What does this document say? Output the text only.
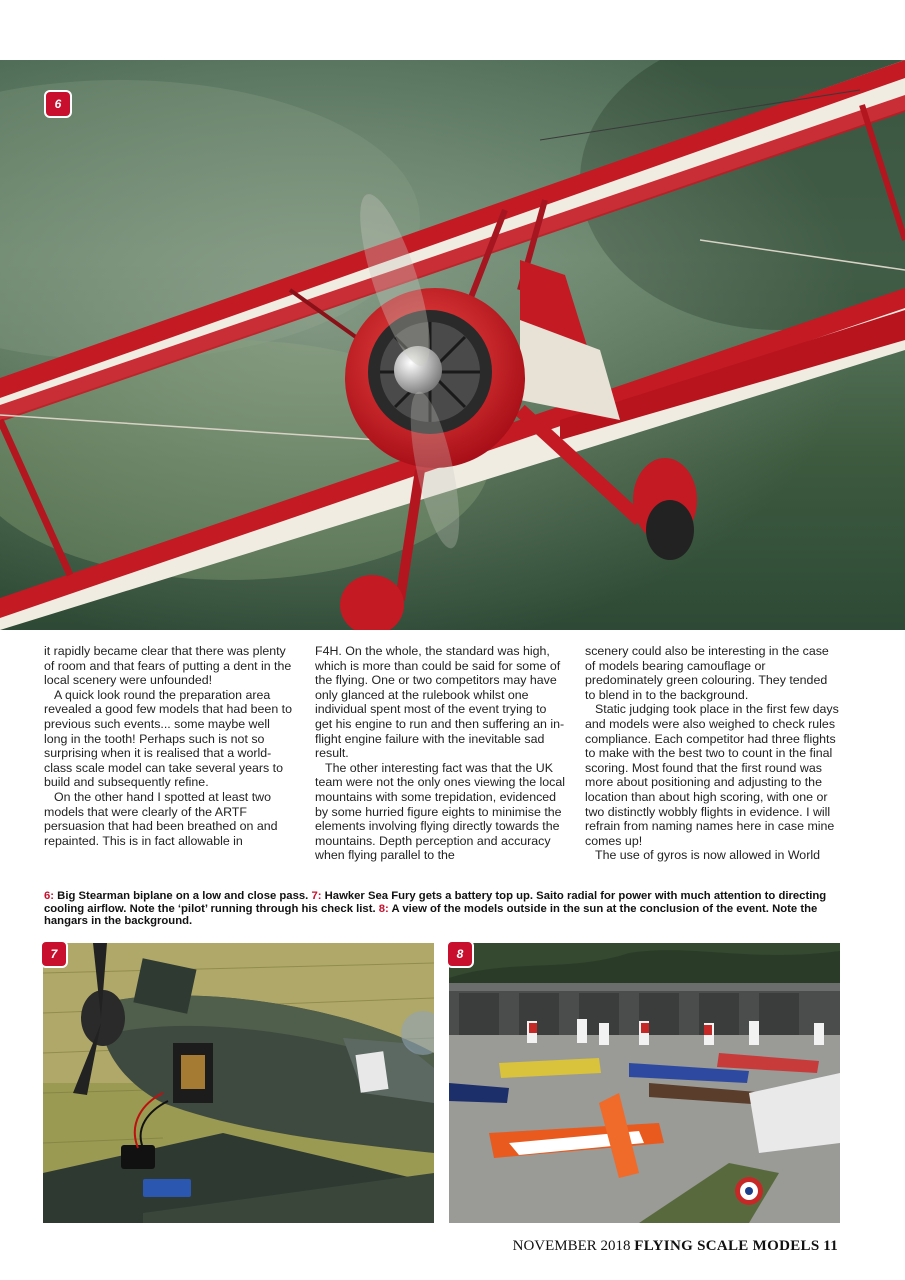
6

it rapidly became clear that there was plenty of room and that fears of putting a dent in the local scenery were unfounded!

A quick look round the preparation area revealed a good few models that had been to previous such events... some maybe well long in the tooth! Perhaps such is not so surprising when it is realised that a world-class scale model can take several years to build and subsequently refine.

On the other hand I spotted at least two models that were clearly of the ARTF persuasion that had been breathed on and repainted. This is in fact allowable in

F4H. On the whole, the standard was high, which is more than could be said for some of the flying. One or two competitors may have only glanced at the rulebook whilst one individual spent most of the event trying to get his engine to run and then suffering an in-flight engine failure with the inevitable sad result.

The other interesting fact was that the UK team were not the only ones viewing the local mountains with some trepidation, evidenced by some hurried figure eights to minimise the elements involving flying directly towards the mountains. Depth perception and accuracy when flying parallel to the

scenery could also be interesting in the case of models bearing camouflage or predominately green colouring. They tended to blend in to the background.

Static judging took place in the first few days and models were also weighed to check rules compliance. Each competitor had three flights to make with the best two to count in the final scoring. Most found that the first round was more about positioning and adjusting to the location than about high scoring, with one or two distinctly wobbly flights in evidence. I will refrain from naming names here in case mine comes up!

The use of gyros is now allowed in World

6: Big Stearman biplane on a low and close pass. 7: Hawker Sea Fury gets a battery top up. Saito radial for power with much attention to directing cooling airflow. Note the ‘pilot’ running through his check list. 8: A view of the models outside in the sun at the conclusion of the event. Note the hangars in the background.
7	8
NOVEMBER 2018 FLYING SCALE MODELS 11
